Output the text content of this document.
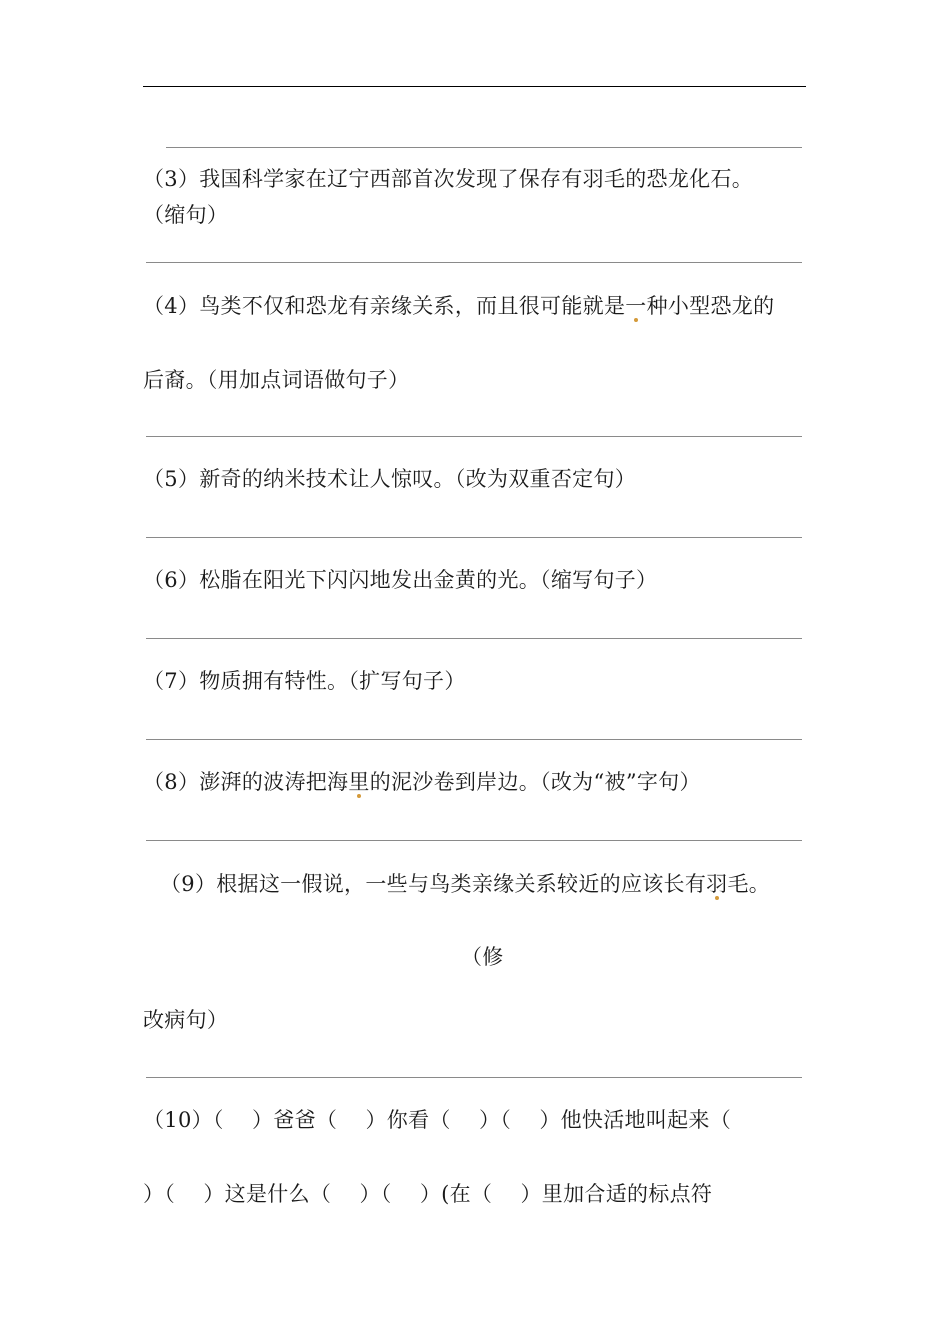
（3）我国科学家在辽宁西部首次发现了保存有羽毛的恐龙化石。
（缩句）
（4）鸟类不仅和恐龙有亲缘关系，而且很可能就是一种小型恐龙的
后裔。（用加点词语做句子）
（5）新奇的纳米技术让人惊叹。（改为双重否定句）
（6）松脂在阳光下闪闪地发出金黄的光。（缩写句子）
（7）物质拥有特性。（扩写句子）
（8）澎湃的波涛把海里的泥沙卷到岸边。（改为“被”字句）
（9）根据这一假说，一些与鸟类亲缘关系较近的应该长有羽毛。
（修
改病句）
（10）（　 ）爸爸（　 ）你看（　 ）（　 ）他快活地叫起来（
）（　 ）这是什么（　 ）（　 ）(在（　 ）里加合适的标点符
